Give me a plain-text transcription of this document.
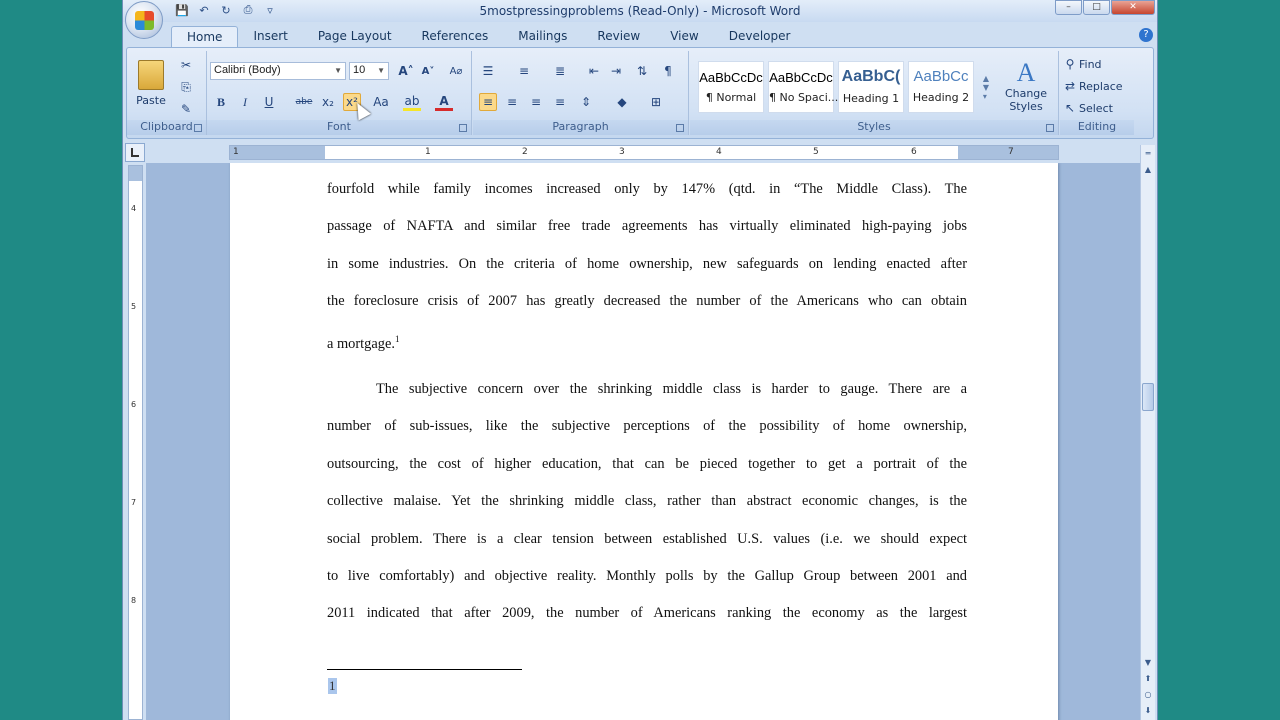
5mostpressingproblems (Read-Only) - Microsoft Word
💾 ↶	↻	⎙	▿	–	□	✕
Home	Insert	Page Layout	References	Mailings	Review	View	Developer	?
Paste
✂
⎘
✎
Clipboard
Calibri (Body)	▼	10 ▼ A˄ A˅ A⌀
B	I	U	abe x₂ x²	Aa	ab	A
Font
☰	≡	≣	⇤ ⇥	⇅	¶
≡	≡	≡	≡	⇕	◆	⊞
Paragraph
AaBbCcDc
¶ Normal
AaBbCcDc
¶ No Spaci...
AaBbC(
Heading 1
AaBbCc
Heading 2
▲
▼
▾
A
Change
Styles
Styles
⚲ Find
⇄ Replace
↖ Select
Editing
1	1	2	3	4	5	6	7
4
5
6
7
8
fourfold while family incomes increased only by 147% (qtd. in “The Middle Class). The
passage of NAFTA and similar free trade agreements has virtually eliminated high-paying jobs
in some industries. On the criteria of home ownership, new safeguards on lending enacted after
the foreclosure crisis of 2007 has greatly decreased the number of the Americans who can obtain
a mortgage.$^1$
The subjective concern over the shrinking middle class is harder to gauge. There are a
number of sub-issues, like the subjective perceptions of the possibility of home ownership,
outsourcing, the cost of higher education, that can be pieced together to get a portrait of the
collective malaise. Yet the shrinking middle class, rather than abstract economic changes, is the
social problem. There is a clear tension between established U.S. values (i.e. we should expect
to live comfortably) and objective reality. Monthly polls by the Gallup Group between 2001 and
2011 indicated that after 2009, the number of Americans ranking the economy as the largest
1
═
▲
▼
⬆
○
⬇
